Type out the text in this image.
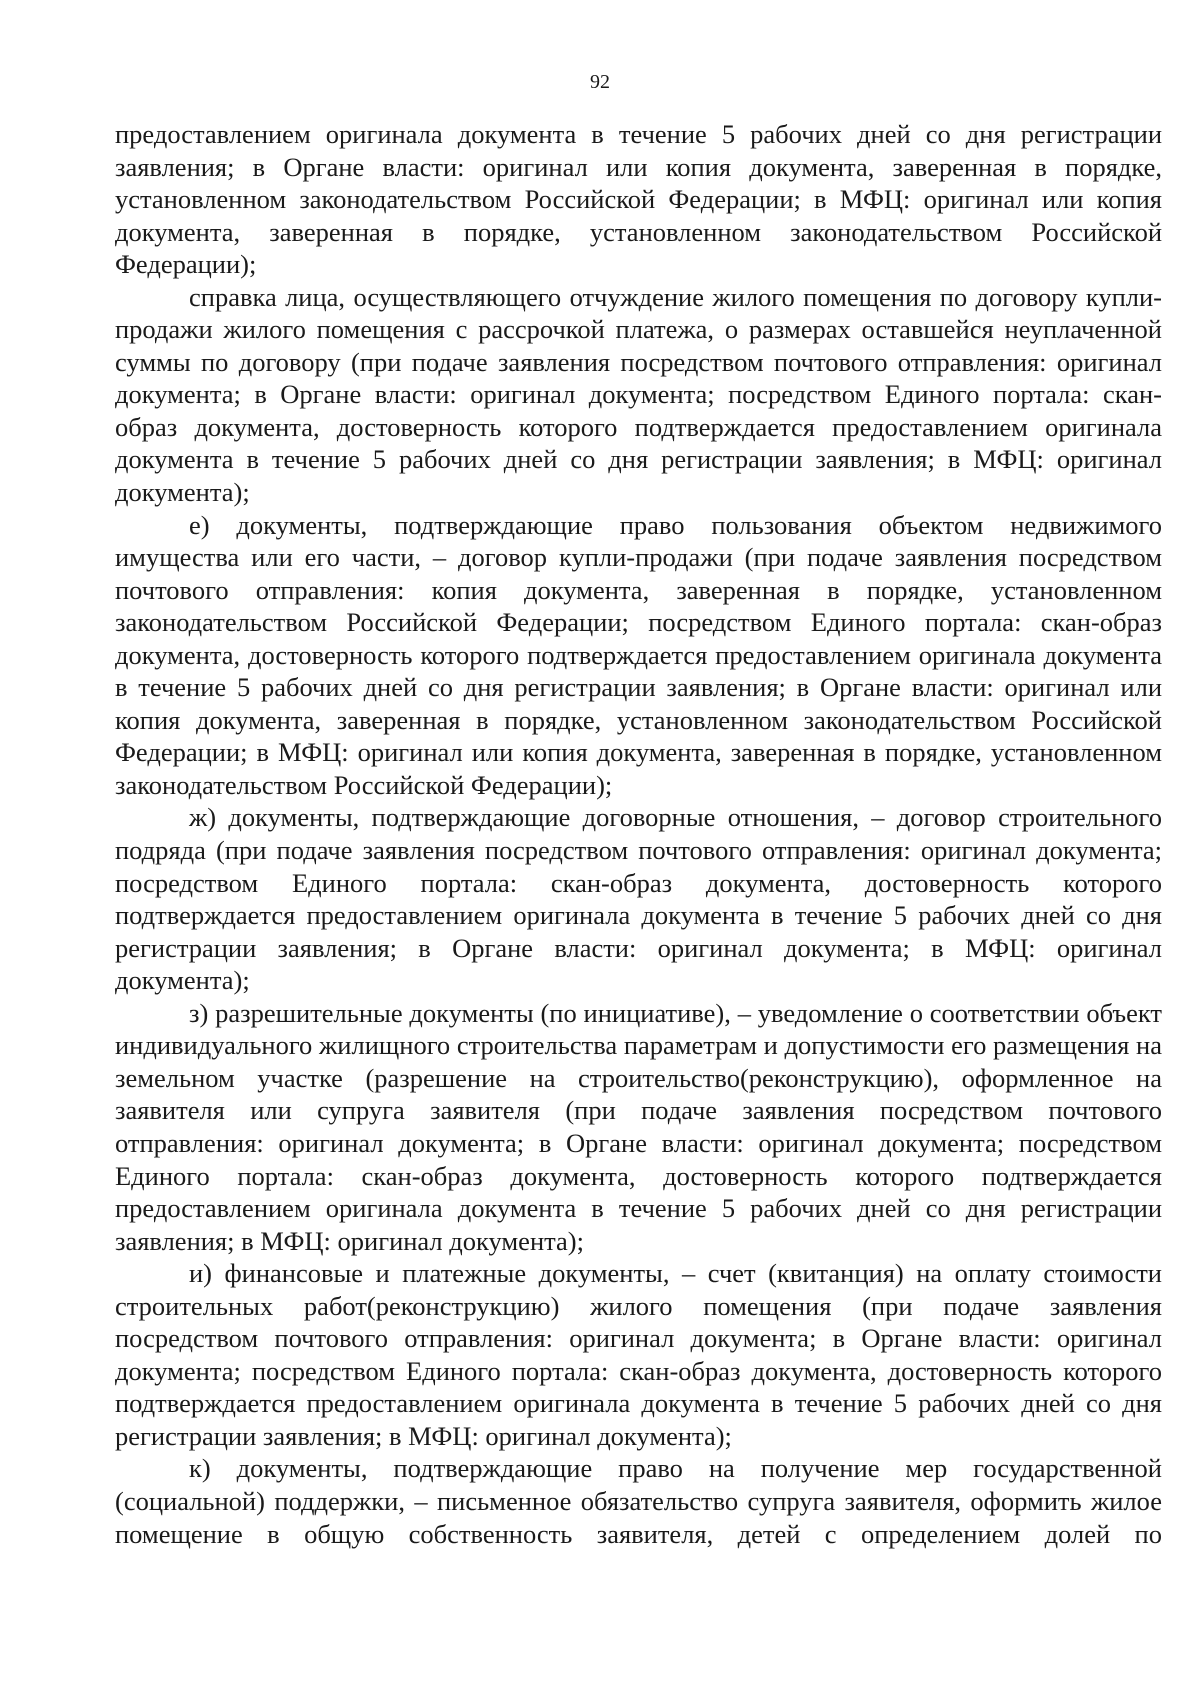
92

предоставлением оригинала документа в течение 5 рабочих дней со дня регистрации заявления; в Органе власти: оригинал или копия документа, заверенная в порядке, установленном законодательством Российской Федерации; в МФЦ: оригинал или копия документа, заверенная в порядке, установленном законодательством Российской Федерации);

справка лица, осуществляющего отчуждение жилого помещения по договору купли-продажи жилого помещения с рассрочкой платежа, о размерах оставшейся неуплаченной суммы по договору (при подаче заявления посредством почтового отправления: оригинал документа; в Органе власти: оригинал документа; посредством Единого портала: скан-образ документа, достоверность которого подтверждается предоставлением оригинала документа в течение 5 рабочих дней со дня регистрации заявления; в МФЦ: оригинал документа);

е) документы, подтверждающие право пользования объектом недвижимого имущества или его части, – договор купли-продажи (при подаче заявления посредством почтового отправления: копия документа, заверенная в порядке, установленном законодательством Российской Федерации; посредством Единого портала: скан-образ документа, достоверность которого подтверждается предоставлением оригинала документа в течение 5 рабочих дней со дня регистрации заявления; в Органе власти: оригинал или копия документа, заверенная в порядке, установленном законодательством Российской Федерации; в МФЦ: оригинал или копия документа, заверенная в порядке, установленном законодательством Российской Федерации);

ж) документы, подтверждающие договорные отношения, – договор строительного подряда (при подаче заявления посредством почтового отправления: оригинал документа; посредством Единого портала: скан-образ документа, достоверность которого подтверждается предоставлением оригинала документа в течение 5 рабочих дней со дня регистрации заявления; в Органе власти: оригинал документа; в МФЦ: оригинал документа);

з) разрешительные документы (по инициативе), – уведомление о соответствии объект индивидуального жилищного строительства параметрам и допустимости его размещения на земельном участке (разрешение на строительство(реконструкцию), оформленное на заявителя или супруга заявителя (при подаче заявления посредством почтового отправления: оригинал документа; в Органе власти: оригинал документа; посредством Единого портала: скан-образ документа, достоверность которого подтверждается предоставлением оригинала документа в течение 5 рабочих дней со дня регистрации заявления; в МФЦ: оригинал документа);

и) финансовые и платежные документы, – счет (квитанция) на оплату стоимости строительных работ(реконструкцию) жилого помещения (при подаче заявления посредством почтового отправления: оригинал документа; в Органе власти: оригинал документа; посредством Единого портала: скан-образ документа, достоверность которого подтверждается предоставлением оригинала документа в течение 5 рабочих дней со дня регистрации заявления; в МФЦ: оригинал документа);

к) документы, подтверждающие право на получение мер государственной (социальной) поддержки, – письменное обязательство супруга заявителя, оформить жилое помещение в общую собственность заявителя, детей с определением долей по
